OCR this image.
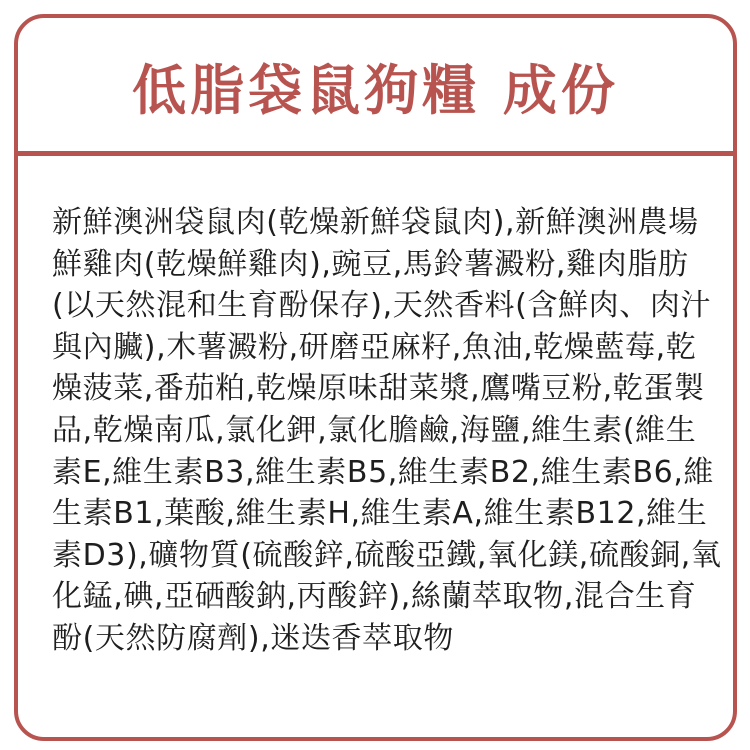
低脂袋鼠狗糧 成份

新鮮澳洲袋鼠肉(乾燥新鮮袋鼠肉),新鮮澳洲農場鮮雞肉(乾燥鮮雞肉),豌豆,馬鈴薯澱粉,雞肉脂肪(以天然混和生育酚保存),天然香料(含鮮肉、肉汁與內臟),木薯澱粉,研磨亞麻籽,魚油,乾燥藍莓,乾燥菠菜,番茄粕,乾燥原味甜菜漿,鷹嘴豆粉,乾蛋製品,乾燥南瓜,氯化鉀,氯化膽鹼,海鹽,維生素(維生素E,維生素B3,維生素B5,維生素B2,維生素B6,維生素B1,葉酸,維生素H,維生素A,維生素B12,維生素D3),礦物質(硫酸鋅,硫酸亞鐵,氧化鎂,硫酸銅,氧化錳,碘,亞硒酸鈉,丙酸鋅),絲蘭萃取物,混合生育酚(天然防腐劑),迷迭香萃取物
